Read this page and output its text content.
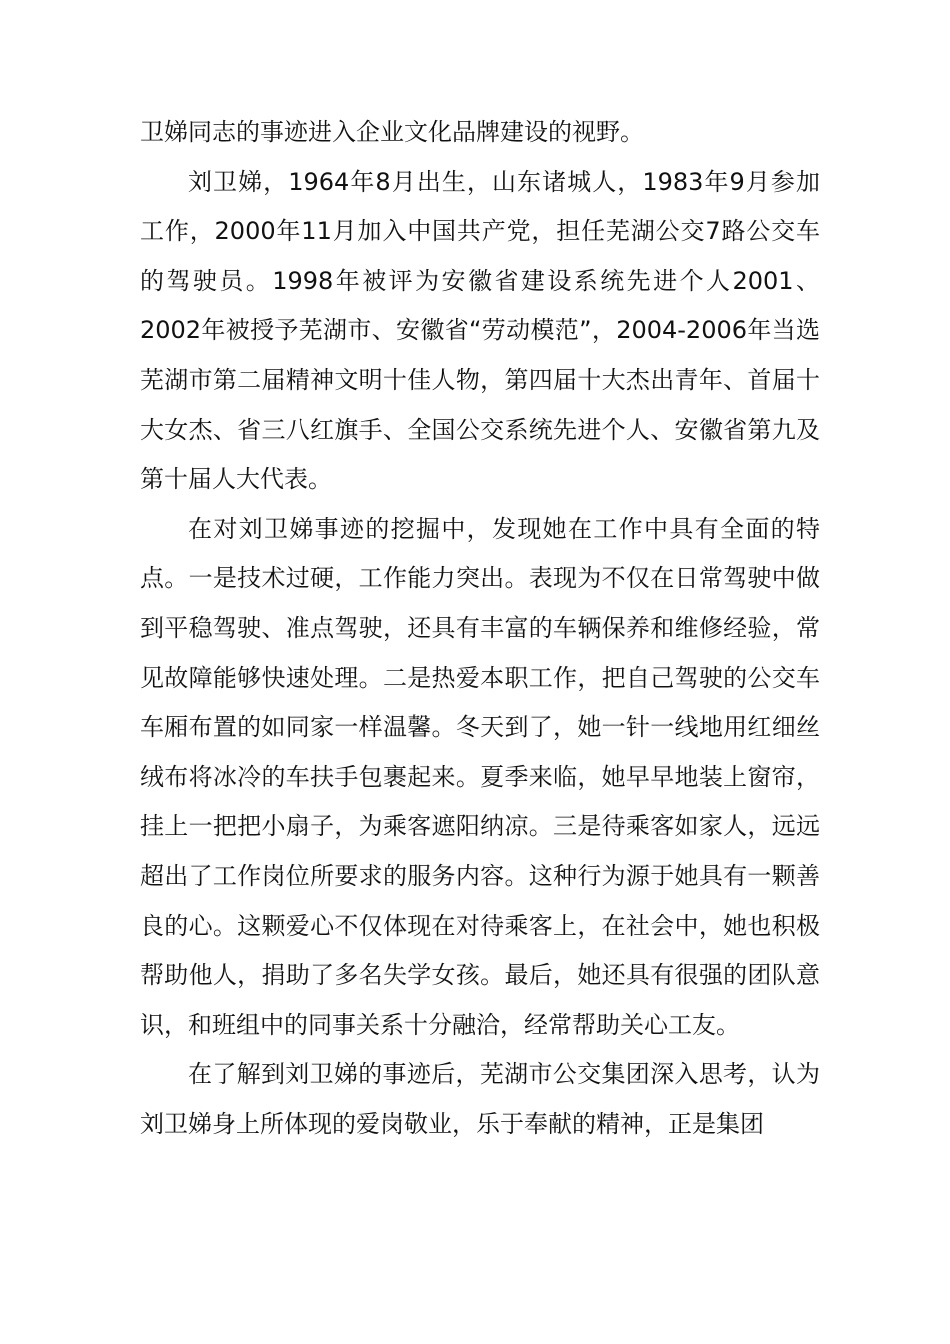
卫娣同志的事迹进入企业文化品牌建设的视野。

刘卫娣，1964年8月出生，山东诸城人，1983年9月参加工作，2000年11月加入中国共产党，担任芜湖公交7路公交车的驾驶员。1998年被评为安徽省建设系统先进个人2001、2002年被授予芜湖市、安徽省“劳动模范”，2004-2006年当选芜湖市第二届精神文明十佳人物，第四届十大杰出青年、首届十大女杰、省三八红旗手、全国公交系统先进个人、安徽省第九及第十届人大代表。

在对刘卫娣事迹的挖掘中，发现她在工作中具有全面的特点。一是技术过硬，工作能力突出。表现为不仅在日常驾驶中做到平稳驾驶、准点驾驶，还具有丰富的车辆保养和维修经验，常见故障能够快速处理。二是热爱本职工作，把自己驾驶的公交车车厢布置的如同家一样温馨。冬天到了，她一针一线地用红细丝绒布将冰冷的车扶手包裹起来。夏季来临，她早早地装上窗帘，挂上一把把小扇子，为乘客遮阳纳凉。三是待乘客如家人，远远超出了工作岗位所要求的服务内容。这种行为源于她具有一颗善良的心。这颗爱心不仅体现在对待乘客上，在社会中，她也积极帮助他人，捐助了多名失学女孩。最后，她还具有很强的团队意识，和班组中的同事关系十分融洽，经常帮助关心工友。

在了解到刘卫娣的事迹后，芜湖市公交集团深入思考，认为刘卫娣身上所体现的爱岗敬业，乐于奉献的精神，正是集团
